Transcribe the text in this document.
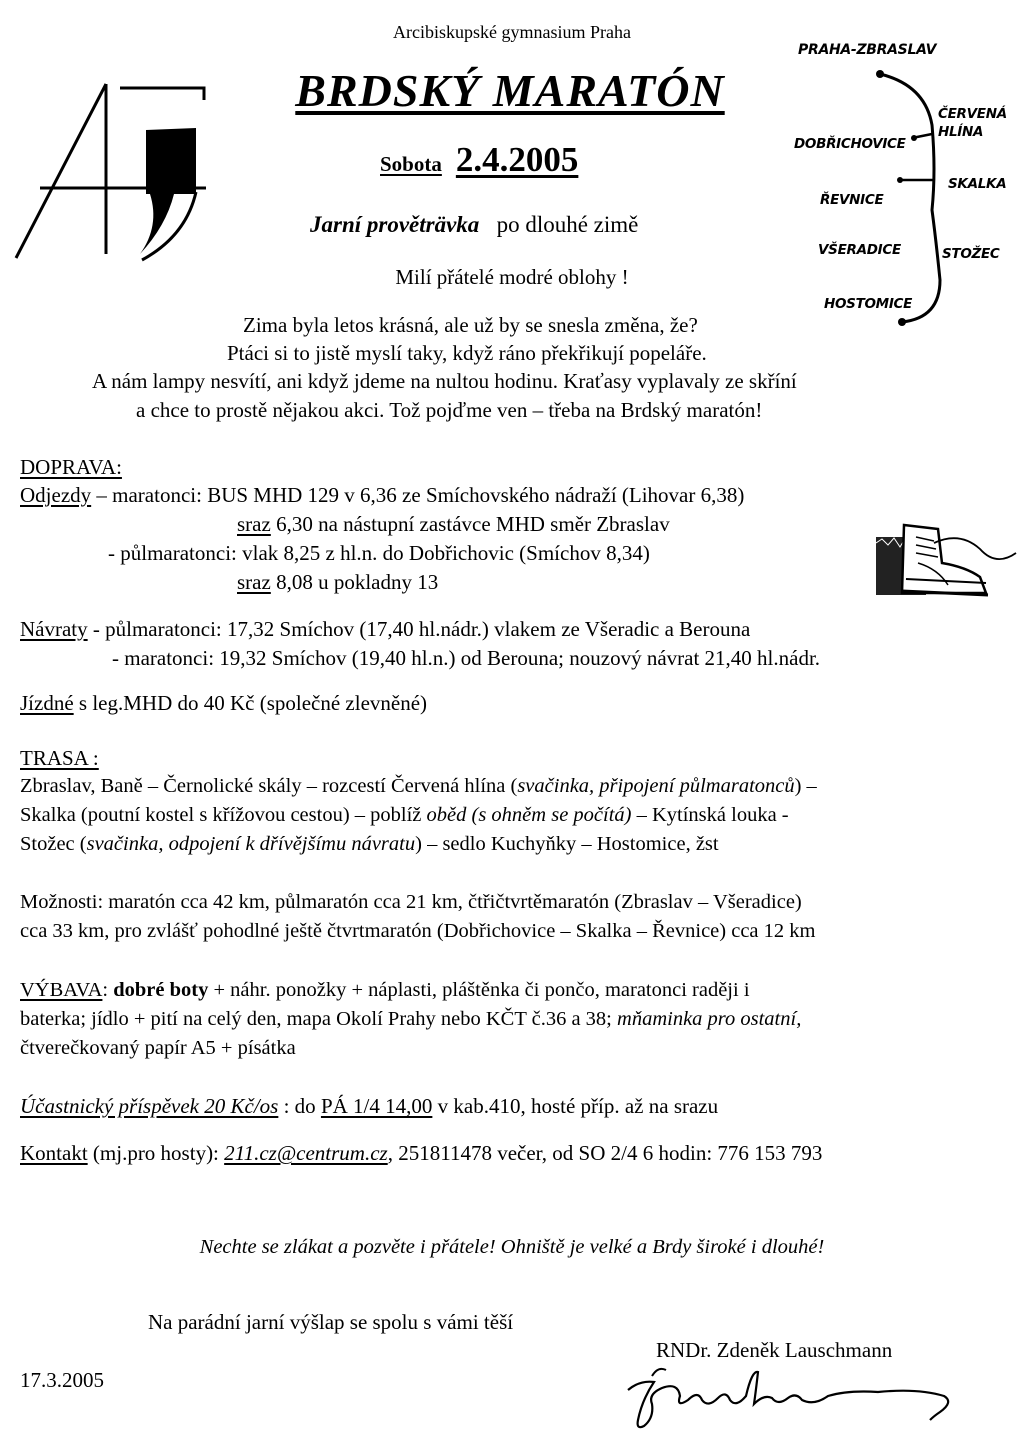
Arcibiskupské gymnasium Praha
BRDSKÝ MARATÓN
Sobota 2.4.2005
Jarní prověträvka po dlouhé zimě
PRAHA-ZBRASLAV
DOBŘICHOVICE
ŘEVNICE
VŠERADICE
HOSTOMICE
ČERVENÁ
HLÍNA
SKALKA
STOŽEC
Milí přátelé modré oblohy !
Zima byla letos krásná, ale už by se snesla změna, že?
Ptáci si to jistě myslí taky, když ráno překřikují popeláře.
A nám lampy nesvítí, ani když jdeme na nultou hodinu. Kraťasy vyplavaly ze skříní
a chce to prostě nějakou akci. Tož pojďme ven – třeba na Brdský maratón!
DOPRAVA:
Odjezdy – maratonci: BUS MHD 129 v 6,36 ze Smíchovského nádraží (Lihovar 6,38)
sraz 6,30 na nástupní zastávce MHD směr Zbraslav
- půlmaratonci: vlak 8,25 z hl.n. do Dobřichovic (Smíchov 8,34)
sraz 8,08 u pokladny 13
Návraty - půlmaratonci: 17,32 Smíchov (17,40 hl.nádr.) vlakem ze Všeradic a Berouna
- maratonci: 19,32 Smíchov (19,40 hl.n.) od Berouna; nouzový návrat 21,40 hl.nádr.
Jízdné s leg.MHD do 40 Kč (společné zlevněné)
TRASA :
Zbraslav, Baně – Černolické skály – rozcestí Červená hlína (svačinka, připojení půlmaratonců) –
Skalka (poutní kostel s křížovou cestou) – poblíž oběd (s ohněm se počítá) – Kytínská louka -
Stožec (svačinka, odpojení k dřívějšímu návratu) – sedlo Kuchyňky – Hostomice, žst
Možnosti: maratón cca 42 km, půlmaratón cca 21 km, čtřičtvrtěmaratón (Zbraslav – Všeradice)
cca 33 km, pro zvlášť pohodlné ještě čtvrtmaratón (Dobřichovice – Skalka – Řevnice) cca 12 km
VÝBAVA: dobré boty + náhr. ponožky + náplasti, pláštěnka či pončo, maratonci raději i
baterka; jídlo + pití na celý den, mapa Okolí Prahy nebo KČT č.36 a 38; mňaminka pro ostatní,
čtverečkovaný papír A5 + písátka
Účastnický příspěvek 20 Kč/os : do PÁ 1/4 14,00 v kab.410, hosté příp. až na srazu
Kontakt (mj.pro hosty): 211.cz@centrum.cz, 251811478 večer, od SO 2/4 6 hodin: 776 153 793
Nechte se zlákat a pozvěte i přátele! Ohniště je velké a Brdy široké i dlouhé!
Na parádní jarní výšlap se spolu s vámi těší
RNDr. Zdeněk Lauschmann
17.3.2005
